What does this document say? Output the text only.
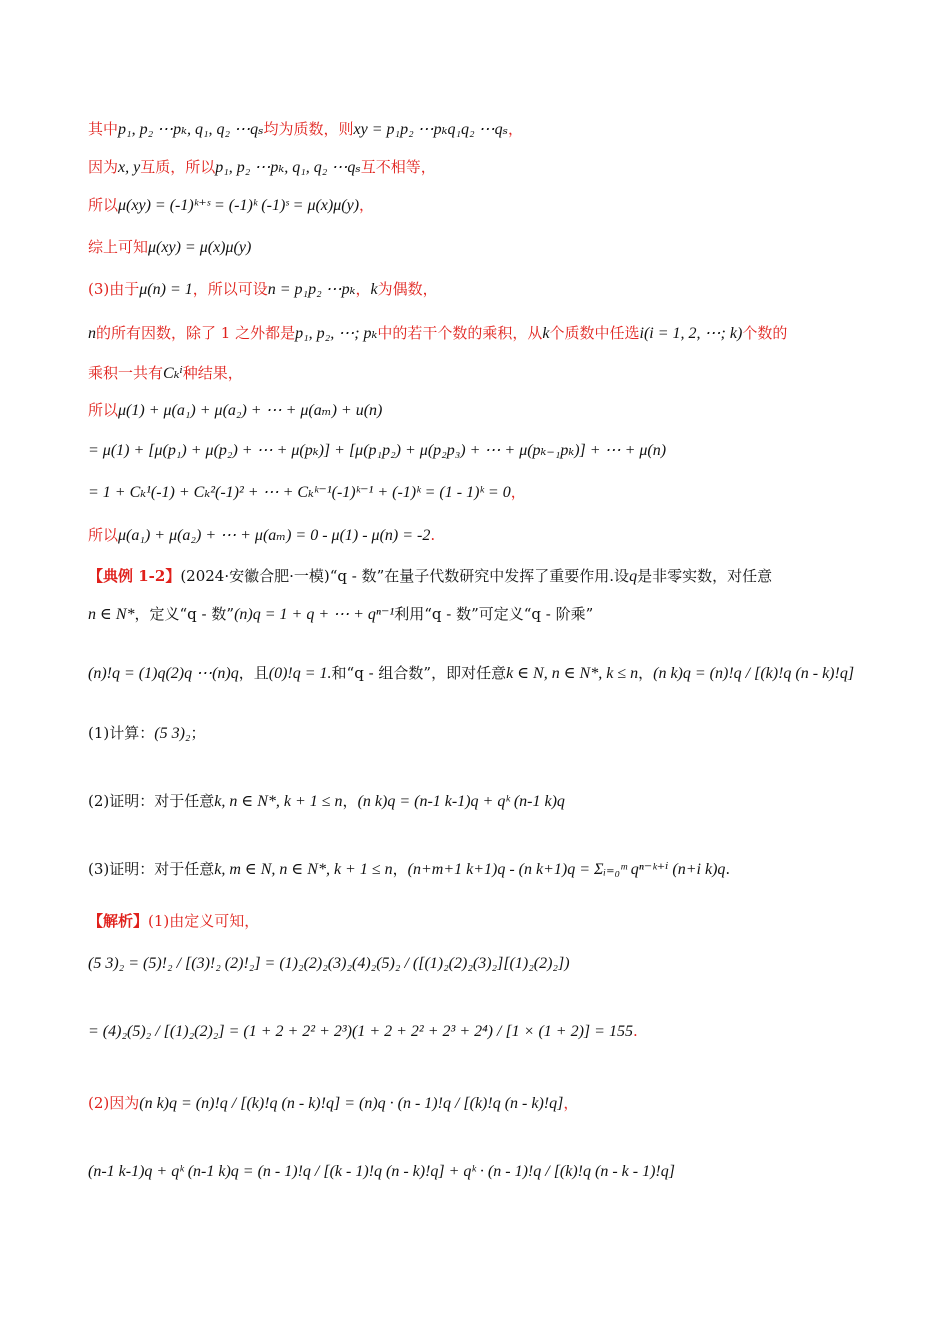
其中p₁, p₂ ⋯pₖ, q₁, q₂ ⋯qₛ均为质数，则xy = p₁p₂ ⋯pₖq₁q₂ ⋯qₛ，
因为x, y互质，所以p₁, p₂ ⋯pₖ, q₁, q₂ ⋯qₛ互不相等，
所以μ(xy) = (-1)ᵏ⁺ˢ = (-1)ᵏ (-1)ˢ = μ(x)μ(y)，
综上可知μ(xy) = μ(x)μ(y)
(3)由于μ(n) = 1，所以可设n = p₁p₂ ⋯pₖ，k为偶数，
n的所有因数，除了 1 之外都是p₁, p₂, ⋯; pₖ中的若干个数的乘积，从k个质数中任选i(i = 1, 2, ⋯; k)个数的
乘积一共有Cₖⁱ种结果，
所以μ(1) + μ(a₁) + μ(a₂) + ⋯ + μ(aₘ) + u(n)
= μ(1) + [μ(p₁) + μ(p₂) + ⋯ + μ(pₖ)] + [μ(p₁p₂) + μ(p₂p₃) + ⋯ + μ(pₖ₋₁pₖ)] + ⋯ + μ(n)
= 1 + Cₖ¹(-1) + Cₖ²(-1)² + ⋯ + Cₖᵏ⁻¹(-1)ᵏ⁻¹ + (-1)ᵏ = (1 - 1)ᵏ = 0，
所以μ(a₁) + μ(a₂) + ⋯ + μ(aₘ) = 0 - μ(1) - μ(n) = -2.
【典例 1-2】(2024·安徽合肥·一模)“q - 数”在量子代数研究中发挥了重要作用.设q是非零实数，对任意
n ∈ N*，定义“q - 数”(n)q = 1 + q + ⋯ + qⁿ⁻¹利用“q - 数”可定义“q - 阶乘”
(n)!q = (1)q(2)q ⋯(n)q，且(0)!q = 1.和“q - 组合数”，即对任意k ∈ N, n ∈ N*, k ≤ n，(n k)q = (n)!q / [(k)!q (n - k)!q]
(1)计算：(5 3)₂；
(2)证明：对于任意k, n ∈ N*, k + 1 ≤ n，(n k)q = (n-1 k-1)q + qᵏ (n-1 k)q
(3)证明：对于任意k, m ∈ N, n ∈ N*, k + 1 ≤ n，(n+m+1 k+1)q - (n k+1)q = Σᵢ₌₀ᵐ qⁿ⁻ᵏ⁺ⁱ (n+i k)q.
【解析】(1)由定义可知，
(5 3)₂ = (5)!₂ / [(3)!₂ (2)!₂] = (1)₂(2)₂(3)₂(4)₂(5)₂ / ([(1)₂(2)₂(3)₂][(1)₂(2)₂])
= (4)₂(5)₂ / [(1)₂(2)₂] = (1 + 2 + 2² + 2³)(1 + 2 + 2² + 2³ + 2⁴) / [1 × (1 + 2)] = 155.
(2)因为(n k)q = (n)!q / [(k)!q (n - k)!q] = (n)q · (n - 1)!q / [(k)!q (n - k)!q]，
(n-1 k-1)q + qᵏ (n-1 k)q = (n - 1)!q / [(k - 1)!q (n - k)!q] + qᵏ · (n - 1)!q / [(k)!q (n - k - 1)!q]
